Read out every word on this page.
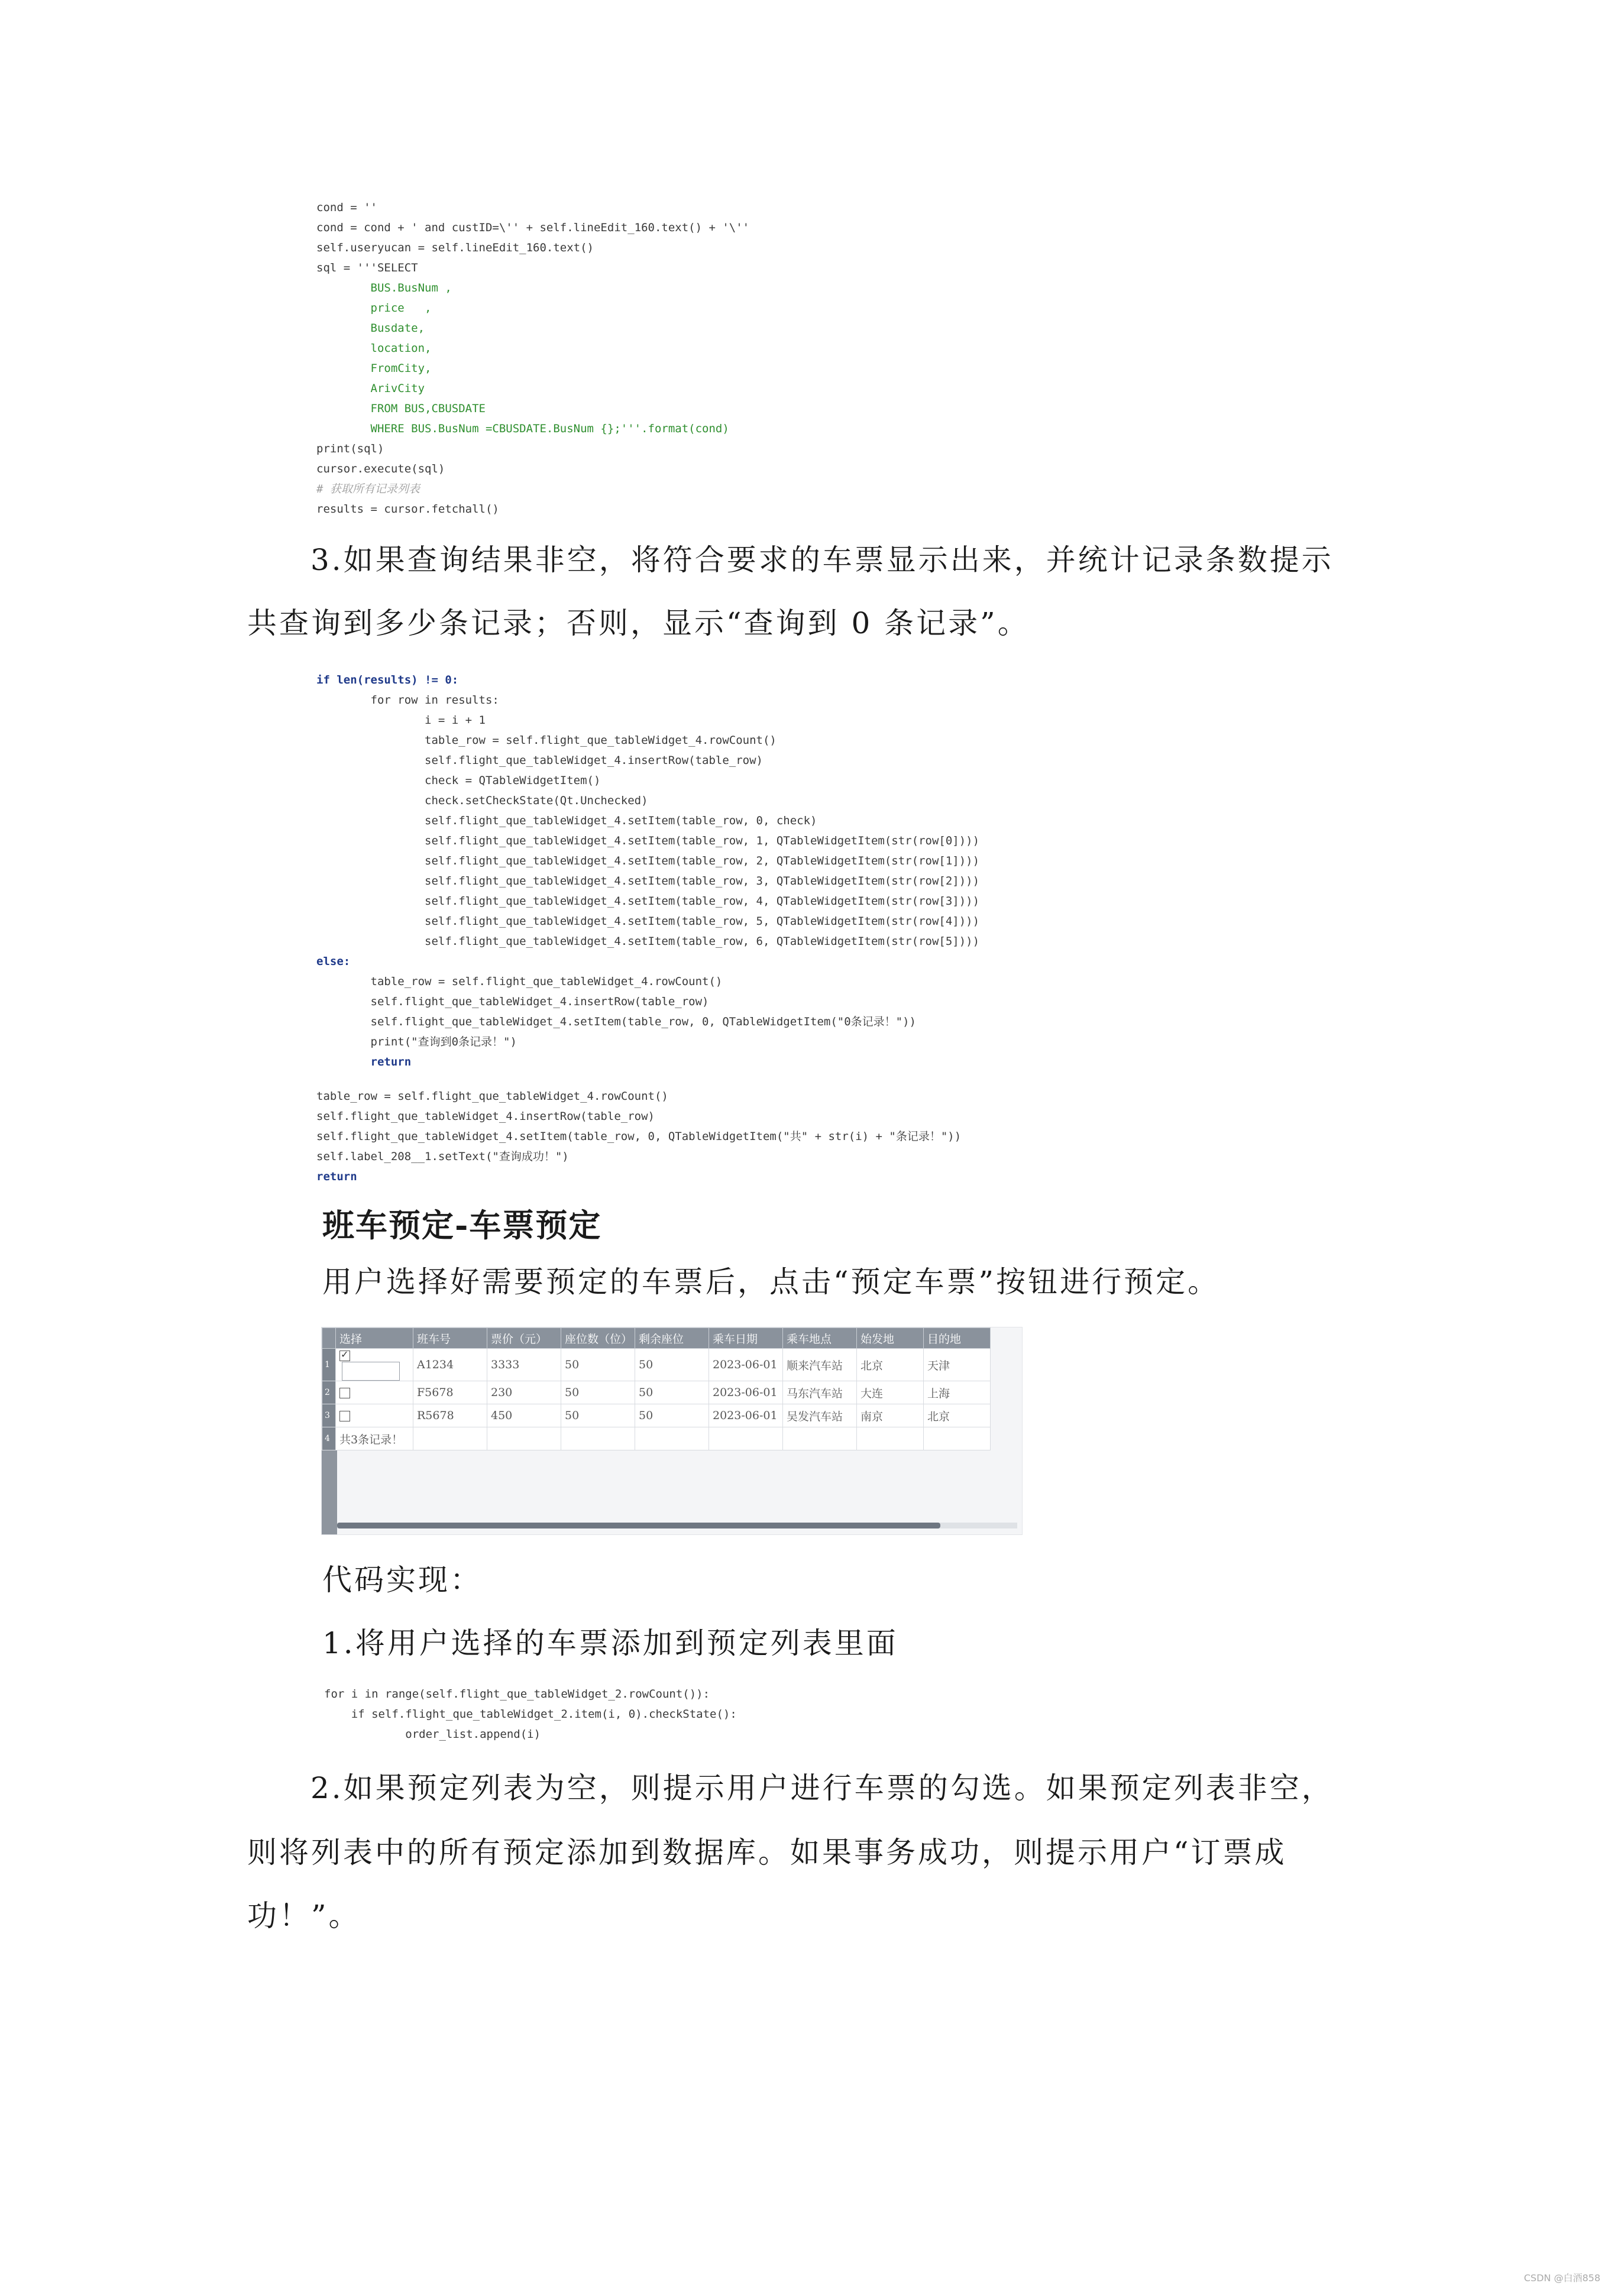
cond = ''
cond = cond + ' and custID=\'' + self.lineEdit_160.text() + '\''
self.useryucan = self.lineEdit_160.text()
sql = '''SELECT
BUS.BusNum ,
price   ,
Busdate,
location,
FromCity,
ArivCity
FROM BUS,CBUSDATE
WHERE BUS.BusNum =CBUSDATE.BusNum {};'''.format(cond)
print(sql)
cursor.execute(sql)
# 获取所有记录列表
results = cursor.fetchall()
3.如果查询结果非空，将符合要求的车票显示出来，并统计记录条数提示
共查询到多少条记录；否则，显示“查询到 0 条记录”。
if len(results) != 0:
for row in results:
i = i + 1
table_row = self.flight_que_tableWidget_4.rowCount()
self.flight_que_tableWidget_4.insertRow(table_row)
check = QTableWidgetItem()
check.setCheckState(Qt.Unchecked)
self.flight_que_tableWidget_4.setItem(table_row, 0, check)
self.flight_que_tableWidget_4.setItem(table_row, 1, QTableWidgetItem(str(row[0])))
self.flight_que_tableWidget_4.setItem(table_row, 2, QTableWidgetItem(str(row[1])))
self.flight_que_tableWidget_4.setItem(table_row, 3, QTableWidgetItem(str(row[2])))
self.flight_que_tableWidget_4.setItem(table_row, 4, QTableWidgetItem(str(row[3])))
self.flight_que_tableWidget_4.setItem(table_row, 5, QTableWidgetItem(str(row[4])))
self.flight_que_tableWidget_4.setItem(table_row, 6, QTableWidgetItem(str(row[5])))
else:
table_row = self.flight_que_tableWidget_4.rowCount()
self.flight_que_tableWidget_4.insertRow(table_row)
self.flight_que_tableWidget_4.setItem(table_row, 0, QTableWidgetItem("0条记录！"))
print("查询到0条记录！")
return
table_row = self.flight_que_tableWidget_4.rowCount()
self.flight_que_tableWidget_4.insertRow(table_row)
self.flight_que_tableWidget_4.setItem(table_row, 0, QTableWidgetItem("共" + str(i) + "条记录！"))
self.label_208__1.setText("查询成功！")
return
班车预定-车票预定
用户选择好需要预定的车票后，点击“预定车票”按钮进行预定。
	选择	班车号	票价（元）	座位数（位）	剩余座位	乘车日期	乘车地点	始发地	目的地
1	✓	A1234	3333	50	50	2023-06-01	顺来汽车站	北京	天津
2		F5678	230	50	50	2023-06-01	马东汽车站	大连	上海
3		R5678	450	50	50	2023-06-01	吴发汽车站	南京	北京
4	共3条记录！								
代码实现：
1.将用户选择的车票添加到预定列表里面
for i in range(self.flight_que_tableWidget_2.rowCount()):
if self.flight_que_tableWidget_2.item(i, 0).checkState():
order_list.append(i)
2.如果预定列表为空，则提示用户进行车票的勾选。如果预定列表非空，
则将列表中的所有预定添加到数据库。如果事务成功，则提示用户“订票成
功！”。
CSDN @白酒858
